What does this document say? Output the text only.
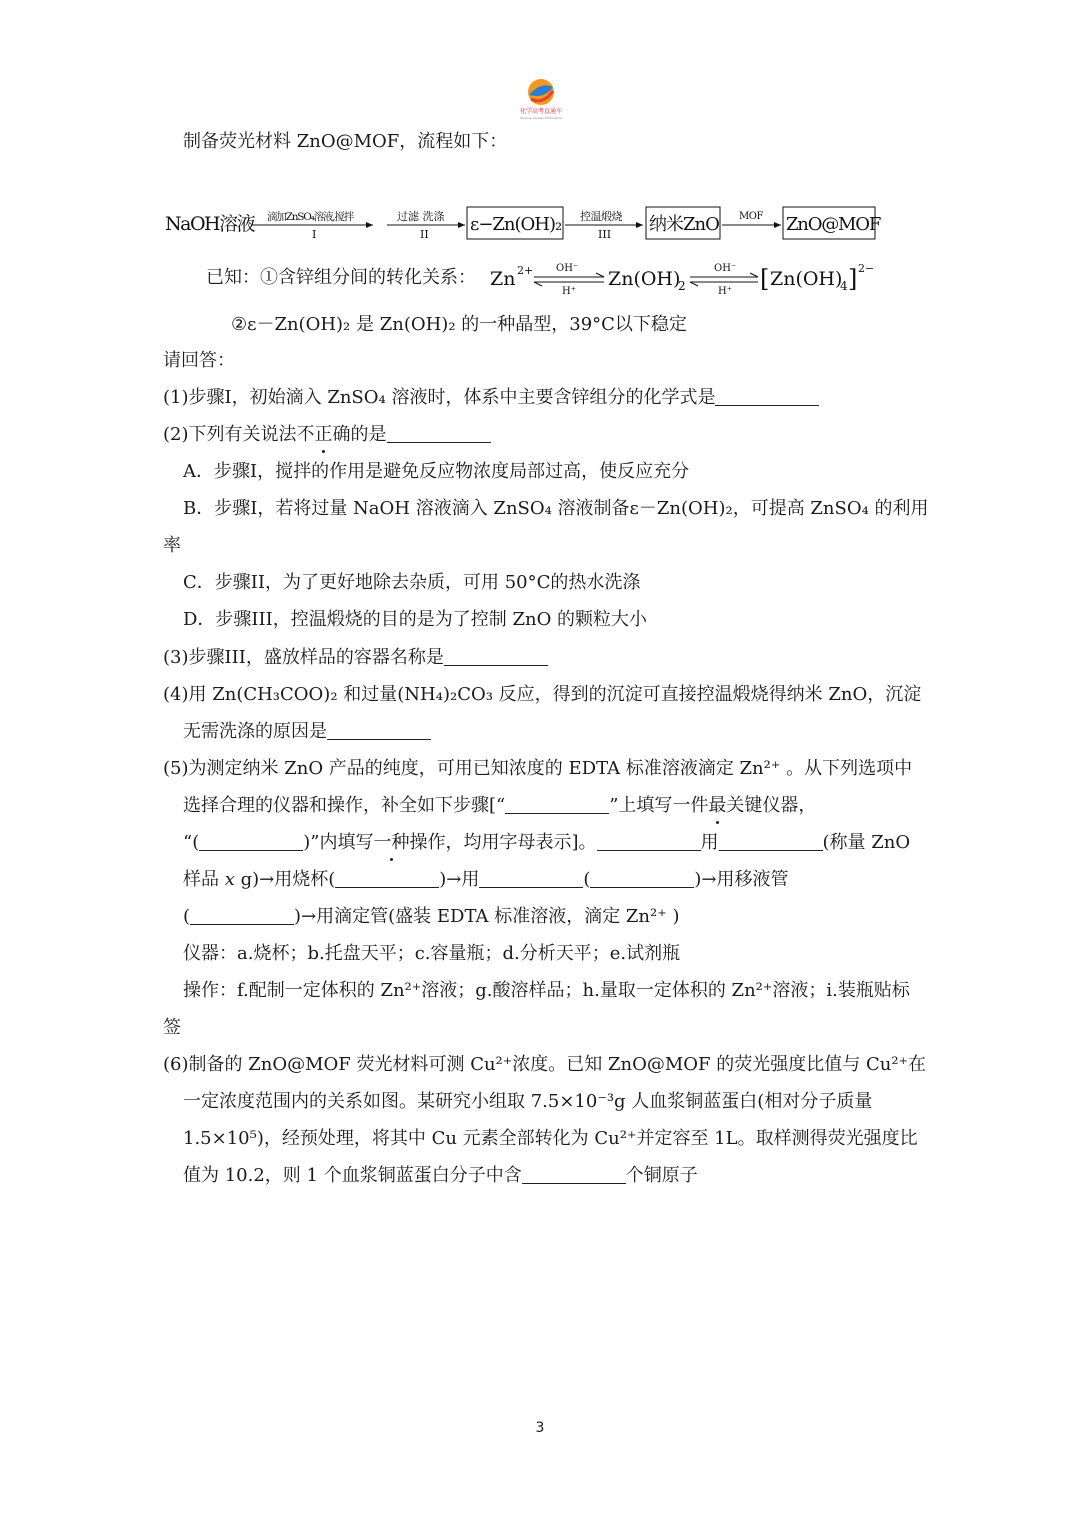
化学高考直通车
Huaxue Gaokao Zhitongche
制备荧光材料 ZnO@MOF，流程如下：
NaOH溶液 滴加ZnSO₄溶液,搅拌
I
过滤 洗涤
II ε−Zn(OH)₂ 控温煅烧
III 纳米ZnO MOF ZnO@MOF
已知：①含锌组分间的转化关系： Zn 2+ OH⁻
H⁺
Zn(OH)
2
OH⁻
H⁺ [ Zn(OH)
4 ] 2−
②ε－Zn(OH)₂ 是 Zn(OH)₂ 的一种晶型，39°C以下稳定
请回答：
(1)步骤I，初始滴入 ZnSO₄ 溶液时，体系中主要含锌组分的化学式是
(2)下列有关说法不正确的是
A．步骤I，搅拌的作用是避免反应物浓度局部过高，使反应充分
B．步骤I，若将过量 NaOH 溶液滴入 ZnSO₄ 溶液制备ε－Zn(OH)₂，可提高 ZnSO₄ 的利用
率
C．步骤II，为了更好地除去杂质，可用 50°C的热水洗涤
D．步骤III，控温煅烧的目的是为了控制 ZnO 的颗粒大小
(3)步骤III，盛放样品的容器名称是
(4)用 Zn(CH₃COO)₂ 和过量(NH₄)₂CO₃ 反应，得到的沉淀可直接控温煅烧得纳米 ZnO，沉淀
无需洗涤的原因是
(5)为测定纳米 ZnO 产品的纯度，可用已知浓度的 EDTA 标准溶液滴定 Zn²⁺ 。从下列选项中
选择合理的仪器和操作，补全如下步骤[“	”上填写一件最关键仪器，
“(	)”内填写一种操作，均用字母表示]。	用	(称量 ZnO
样品 x g)→用烧杯(	)→用	(	)→用移液管
(	)→用滴定管(盛装 EDTA 标准溶液，滴定 Zn²⁺ )
仪器：a.烧杯；b.托盘天平；c.容量瓶；d.分析天平；e.试剂瓶
操作：f.配制一定体积的 Zn²⁺溶液；g.酸溶样品；h.量取一定体积的 Zn²⁺溶液；i.装瓶贴标
签
(6)制备的 ZnO@MOF 荧光材料可测 Cu²⁺浓度。已知 ZnO@MOF 的荧光强度比值与 Cu²⁺在
一定浓度范围内的关系如图。某研究小组取 7.5×10⁻³g 人血浆铜蓝蛋白(相对分子质量
1.5×10⁵)，经预处理，将其中 Cu 元素全部转化为 Cu²⁺并定容至 1L。取样测得荧光强度比
值为 10.2，则 1 个血浆铜蓝蛋白分子中含	个铜原子
3
